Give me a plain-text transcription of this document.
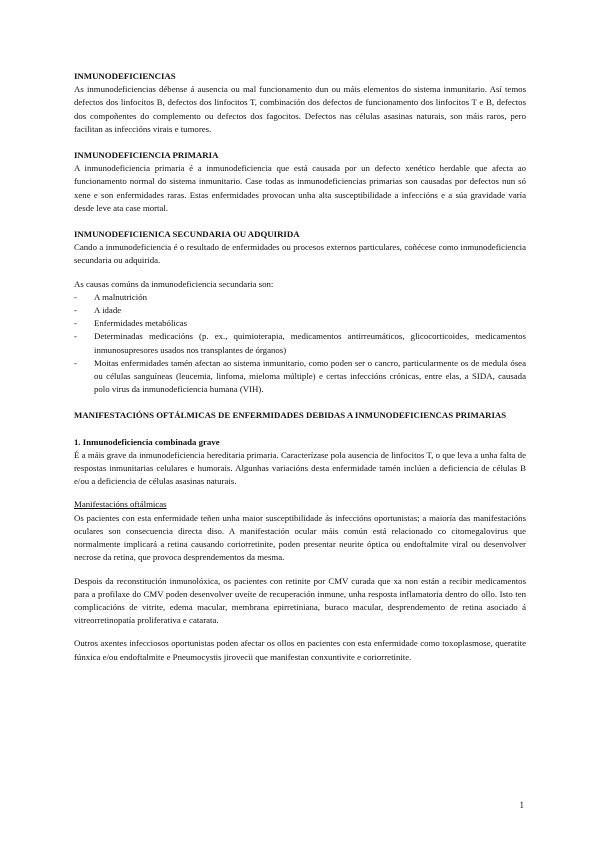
INMUNODEFICIENCIAS

As inmunodeficiencias débense á ausencia ou mal funcionamento dun ou máis elementos do sistema inmunitario. Así temos defectos dos linfocitos B, defectos dos linfocitos T, combinación dos defectos de funcionamento dos linfocitos T e B, defectos dos compoñentes do complemento ou defectos dos fagocitos. Defectos nas células asasinas naturais, son máis raros, pero facilitan as infeccións virais e tumores.

INMUNODEFICIENCIA PRIMARIA

A inmunodeficiencia primaria é a inmunodeficiencia que está causada por un defecto xenético herdable que afecta ao funcionamento normal do sistema inmunitario. Case todas as inmunodeficiencias primarias son causadas por defectos nun só xene e son enfermidades raras. Estas enfermidades provocan unha alta susceptibilidade a infeccións e a súa gravidade varía desde leve ata case mortal.

INMUNODEFICIENICA SECUNDARIA OU ADQUIRIDA

Cando a inmunodeficiencia é o resultado de enfermidades ou procesos externos particulares, coñécese como inmunodeficiencia secundaria ou adquirida.

As causas comúns da inmunodeficiencia secundaria son:

- A malnutrición
- A idade
- Enfermidades metabólicas
- Determinadas medicacións (p. ex., quimioterapia, medicamentos antirreumáticos, glicocorticoides, medicamentos inmunosupresores usados nos transplantes de órganos)
- Moitas enfermidades tamén afectan ao sistema inmunitario, como poden ser o cancro, particularmente os de medula ósea ou células sanguíneas (leucemia, linfoma, mieloma múltiple) e certas infeccións crónicas, entre elas, a SIDA, causada polo virus da inmunodeficiencia humana (VIH).

MANIFESTACIÓNS OFTÁLMICAS DE ENFERMIDADES DEBIDAS A INMUNODEFICIENCAS PRIMARIAS

1. Inmunodeficiencia combinada grave

É a máis grave da inmunodeficiencia hereditaria primaria. Caracterízase pola ausencia de linfocitos T, o que leva a unha falta de respostas inmunitarias celulares e humorais. Algunhas variacións desta enfermidade tamén inclúen a deficiencia de células B e/ou a deficiencia de células asasinas naturais.

Manifestacións oftálmicas

Os pacientes con esta enfermidade teñen unha maior susceptibilidade ás infeccións oportunistas; a maioría das manifestacións oculares son consecuencia directa diso. A manifestación ocular máis común está relacionado co citomegalovirus que normalmente implicará a retina causando coriorretinite, poden presentar neurite óptica ou endoftalmite viral ou desenvolver necrose da retina, que provoca desprendementos da mesma.

Despois da reconstitución inmunolóxica, os pacientes con retinite por CMV curada que xa non están a recibir medicamentos para a profilaxe do CMV poden desenvolver uveíte de recuperación inmune, unha resposta inflamatoria dentro do ollo. Isto ten complicacións de vitrite, edema macular, membrana epirretiniana, buraco macular, desprendemento de retina asociado á vitreorretinopatía proliferativa e catarata.

Outros axentes infecciosos oportunistas poden afectar os ollos en pacientes con esta enfermidade como toxoplasmose, queratite fúnxica e/ou endoftalmite e Pneumocystis jirovecii que manifestan conxuntivite e coriorretinite.

1
